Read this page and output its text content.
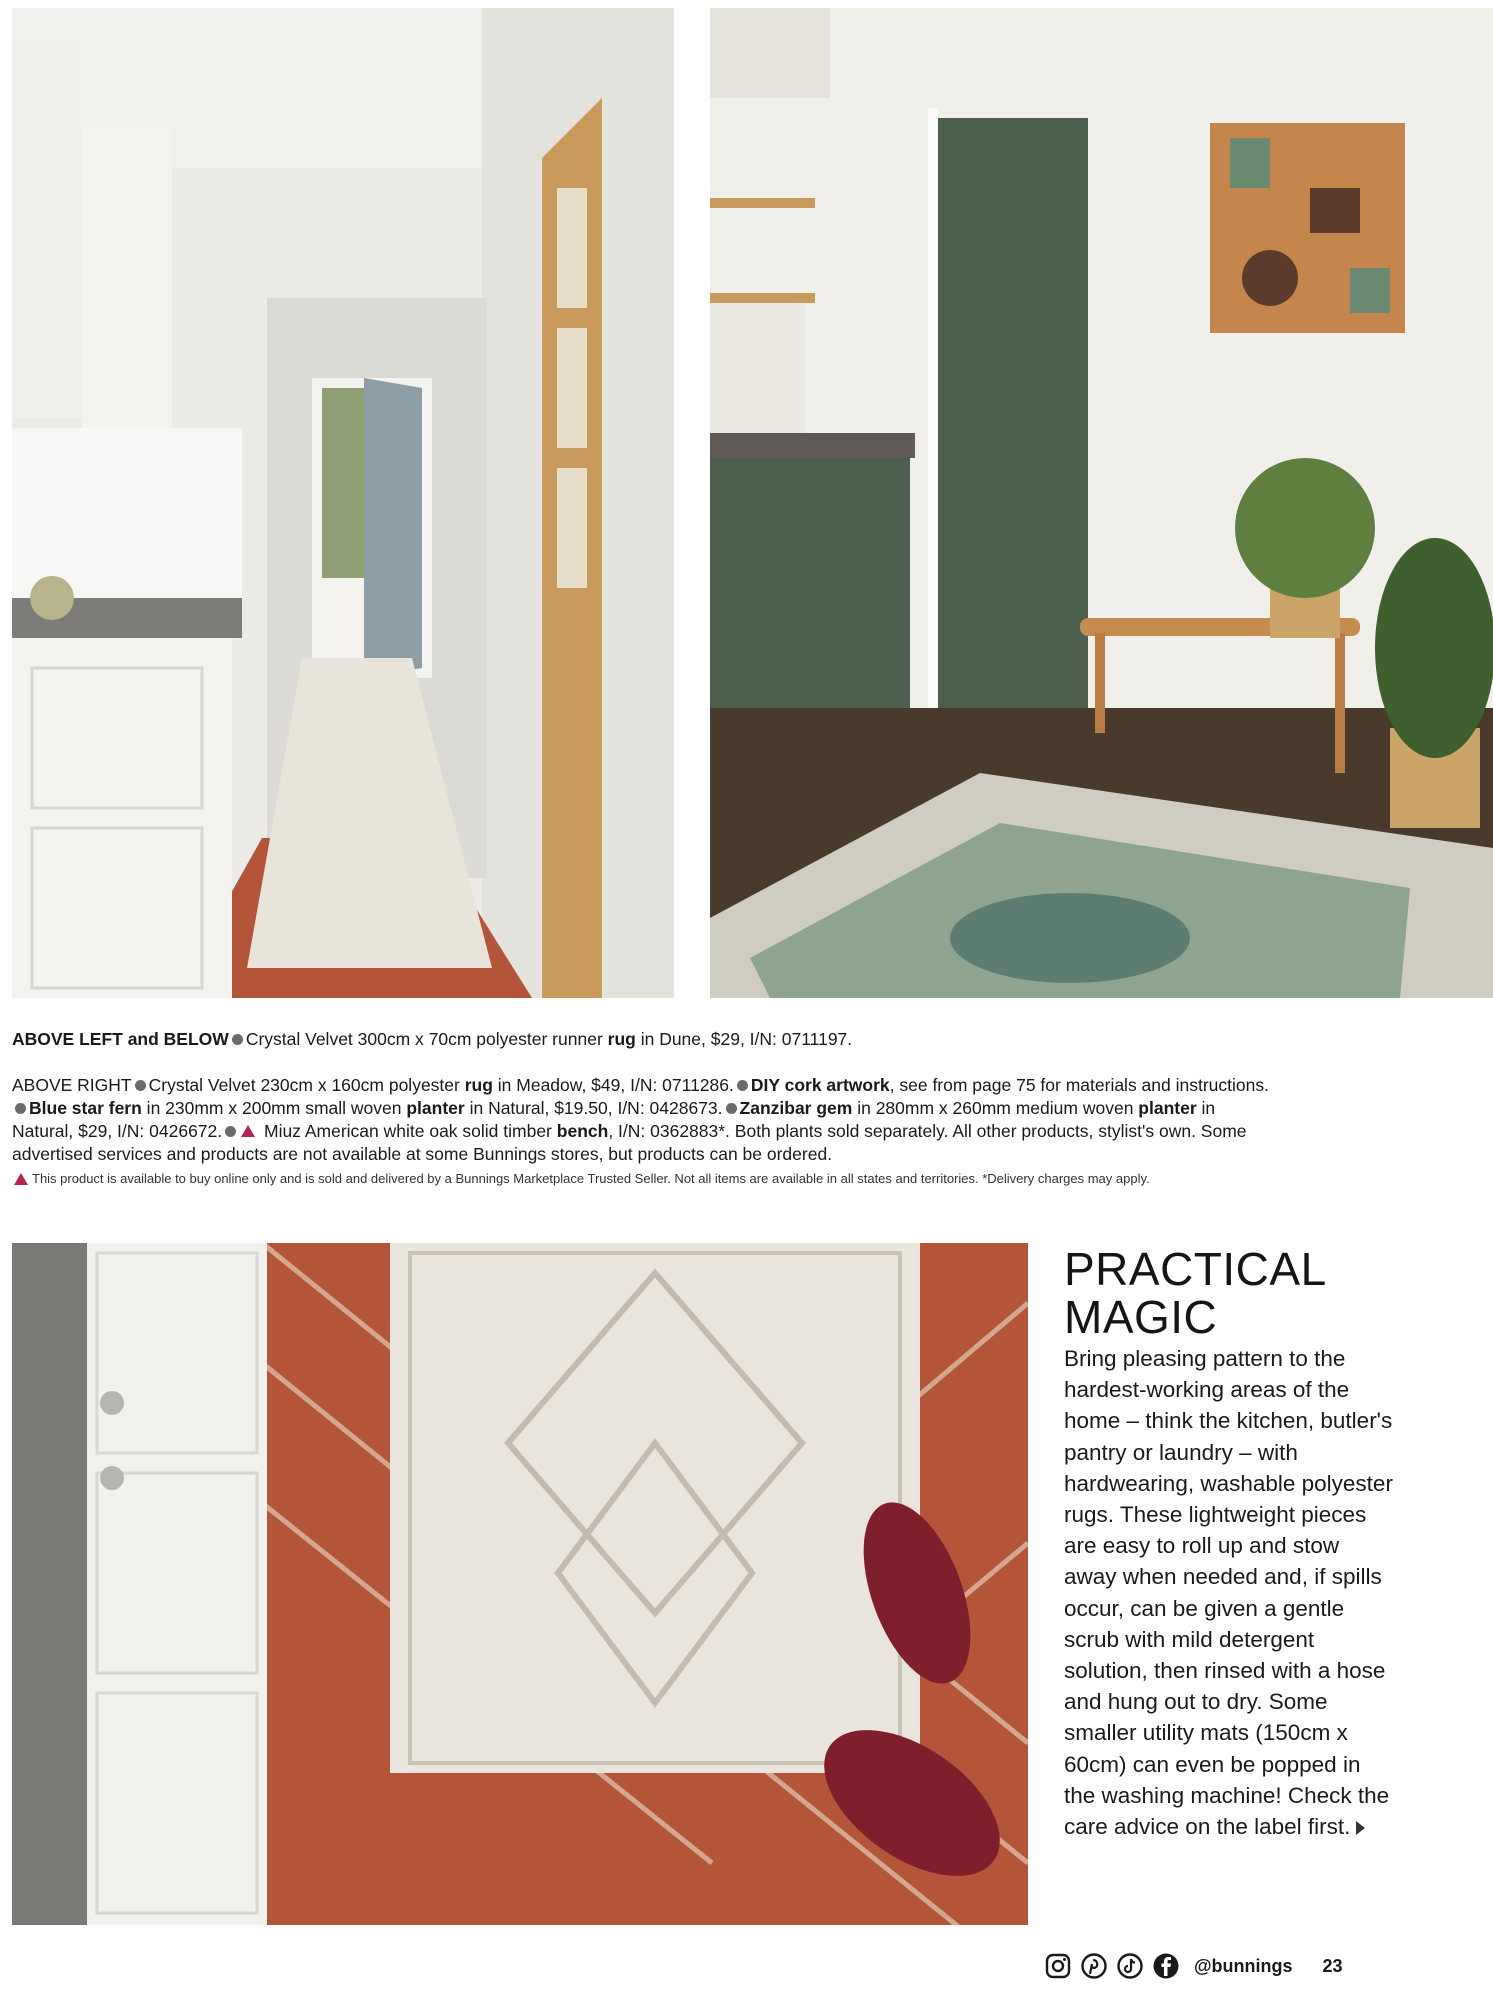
ABOVE LEFT and BELOW Crystal Velvet 300cm x 70cm polyester runner rug in Dune, $29, I/N: 0711197.
ABOVE RIGHT Crystal Velvet 230cm x 160cm polyester rug in Meadow, $49, I/N: 0711286. DIY cork artwork, see from page 75 for materials and instructions.Blue star fern in 230mm x 200mm small woven planter in Natural, $19.50, I/N: 0428673. Zanzibar gem in 280mm x 260mm medium woven planter in Natural, $29, I/N: 0426672. Miuz American white oak solid timber bench, I/N: 0362883*. Both plants sold separately. All other products, stylist's own. Some advertised services and products are not available at some Bunnings stores, but products can be ordered.
This product is available to buy online only and is sold and delivered by a Bunnings Marketplace Trusted Seller. Not all items are available in all states and territories. *Delivery charges may apply.
PRACTICAL
MAGIC
Bring pleasing pattern to the hardest-working areas of the home – think the kitchen, butler's pantry or laundry – with hardwearing, washable polyester rugs. These lightweight pieces are easy to roll up and stow away when needed and, if spills occur, can be given a gentle scrub with mild detergent solution, then rinsed with a hose and hung out to dry. Some smaller utility mats (150cm x 60cm) can even be popped in the washing machine! Check the care advice on the label first.
@bunnings 23
